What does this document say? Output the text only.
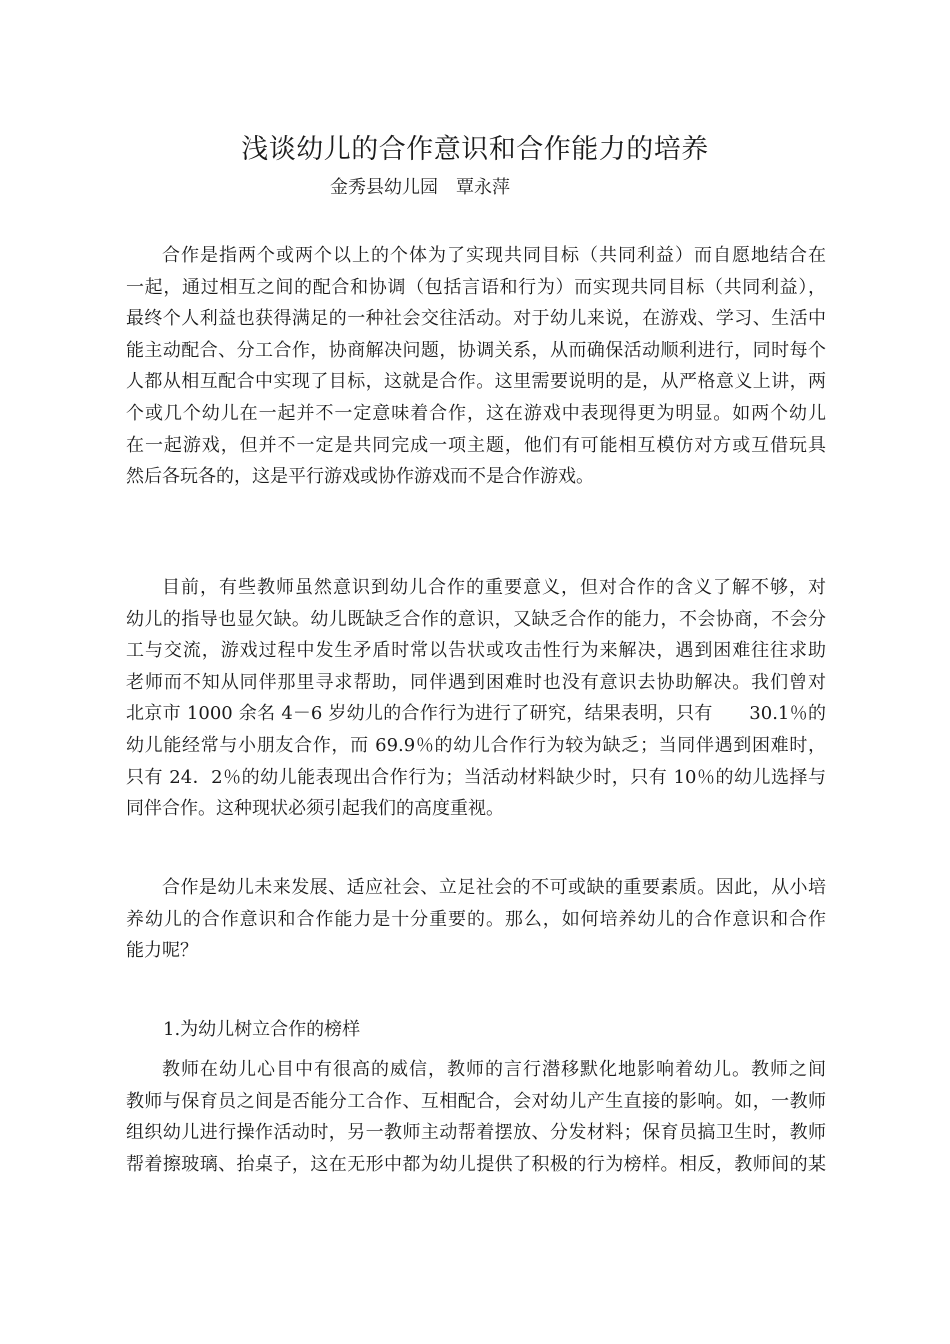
浅谈幼儿的合作意识和合作能力的培养
金秀县幼儿园　覃永萍
合作是指两个或两个以上的个体为了实现共同目标（共同利益）而自愿地结合在
一起，通过相互之间的配合和协调（包括言语和行为）而实现共同目标（共同利益），
最终个人利益也获得满足的一种社会交往活动。对于幼儿来说，在游戏、学习、生活中
能主动配合、分工合作，协商解决问题，协调关系，从而确保活动顺利进行，同时每个
人都从相互配合中实现了目标，这就是合作。这里需要说明的是，从严格意义上讲，两
个或几个幼儿在一起并不一定意味着合作，这在游戏中表现得更为明显。如两个幼儿
在一起游戏，但并不一定是共同完成一项主题，他们有可能相互模仿对方或互借玩具
然后各玩各的，这是平行游戏或协作游戏而不是合作游戏。
目前，有些教师虽然意识到幼儿合作的重要意义，但对合作的含义了解不够，对
幼儿的指导也显欠缺。幼儿既缺乏合作的意识，又缺乏合作的能力，不会协商，不会分
工与交流，游戏过程中发生矛盾时常以告状或攻击性行为来解决，遇到困难往往求助
老师而不知从同伴那里寻求帮助，同伴遇到困难时也没有意识去协助解决。我们曾对
北京市 1000 余名 4－6 岁幼儿的合作行为进行了研究，结果表明，只有　　30.1％的
幼儿能经常与小朋友合作，而 69.9％的幼儿合作行为较为缺乏；当同伴遇到困难时，
只有 24．2％的幼儿能表现出合作行为；当活动材料缺少时，只有 10％的幼儿选择与
同伴合作。这种现状必须引起我们的高度重视。
合作是幼儿未来发展、适应社会、立足社会的不可或缺的重要素质。因此，从小培
养幼儿的合作意识和合作能力是十分重要的。那么，如何培养幼儿的合作意识和合作
能力呢？
1.为幼儿树立合作的榜样
教师在幼儿心目中有很高的威信，教师的言行潜移默化地影响着幼儿。教师之间
教师与保育员之间是否能分工合作、互相配合，会对幼儿产生直接的影响。如，一教师
组织幼儿进行操作活动时，另一教师主动帮着摆放、分发材料；保育员搞卫生时，教师
帮着擦玻璃、抬桌子，这在无形中都为幼儿提供了积极的行为榜样。相反，教师间的某
